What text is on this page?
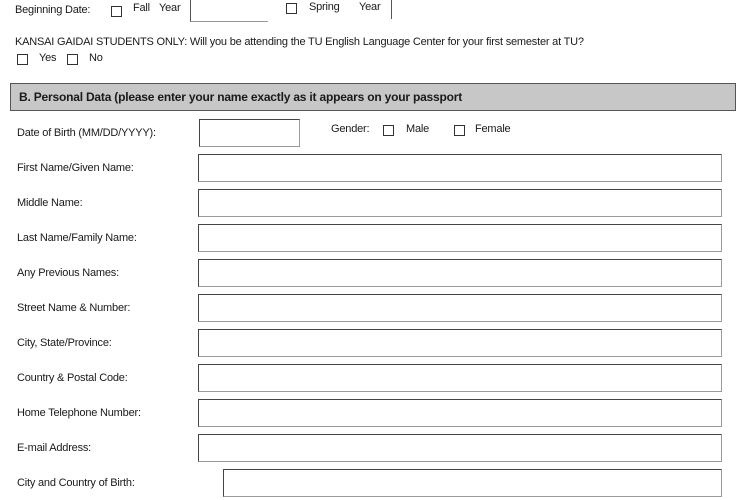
Beginning Date:	Fall Year	Spring Year
KANSAI GAIDAI STUDENTS ONLY: Will you be attending the TU English Language Center for your first semester at TU?
Yes	No
B. Personal Data (please enter your name exactly as it appears on your passport
Date of Birth (MM/DD/YYYY):	Gender:	Male	Female
First Name/Given Name:
Middle Name:
Last Name/Family Name:
Any Previous Names:
Street Name & Number:
City, State/Province:
Country & Postal Code:
Home Telephone Number:
E-mail Address:
City and Country of Birth:
